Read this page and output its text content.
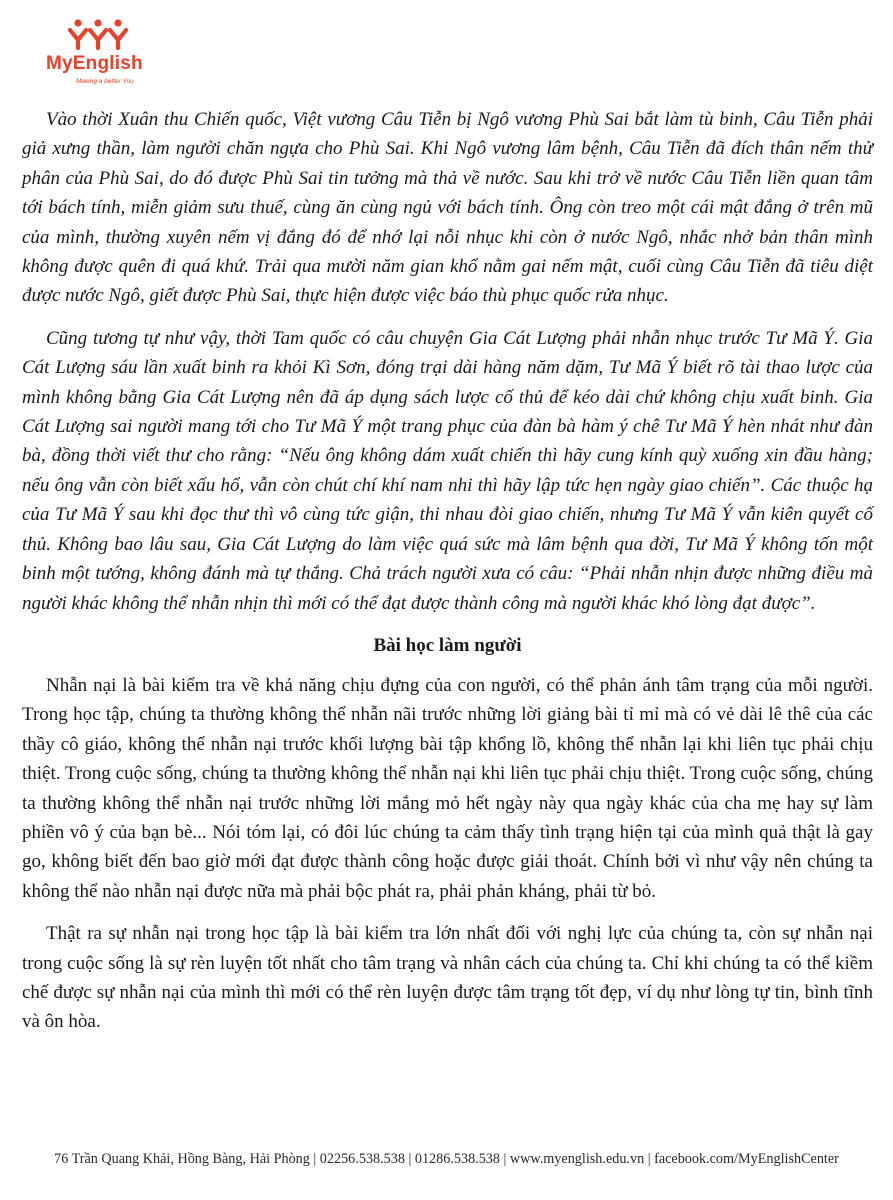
MyEnglish
Making a better You

Vào thời Xuân thu Chiến quốc, Việt vương Câu Tiễn bị Ngô vương Phù Sai bắt làm tù binh, Câu Tiễn phải giả xưng thần, làm người chăn ngựa cho Phù Sai. Khi Ngô vương lâm bệnh, Câu Tiễn đã đích thân nếm thử phân của Phù Sai, do đó được Phù Sai tin tưởng mà thả về nước. Sau khi trở về nước Câu Tiễn liền quan tâm tới bách tính, miễn giảm sưu thuế, cùng ăn cùng ngủ với bách tính. Ông còn treo một cái mật đắng ở trên mũ của mình, thường xuyên nếm vị đắng đó để nhớ lại nỗi nhục khi còn ở nước Ngô, nhắc nhở bản thân mình không được quên đi quá khứ. Trải qua mười năm gian khổ nằm gai nếm mật, cuối cùng Câu Tiễn đã tiêu diệt được nước Ngô, giết được Phù Sai, thực hiện được việc báo thù phục quốc rửa nhục.

Cũng tương tự như vậy, thời Tam quốc có câu chuyện Gia Cát Lượng phải nhẫn nhục trước Tư Mã Ý. Gia Cát Lượng sáu lần xuất binh ra khỏi Kì Sơn, đóng trại dài hàng năm dặm, Tư Mã Ý biết rõ tài thao lược của mình không bằng Gia Cát Lượng nên đã áp dụng sách lược cố thủ để kéo dài chứ không chịu xuất binh. Gia Cát Lượng sai người mang tới cho Tư Mã Ý một trang phục của đàn bà hàm ý chê Tư Mã Ý hèn nhát như đàn bà, đồng thời viết thư cho rằng: “Nếu ông không dám xuất chiến thì hãy cung kính quỳ xuống xin đầu hàng; nếu ông vẫn còn biết xấu hổ, vẫn còn chút chí khí nam nhi thì hãy lập tức hẹn ngày giao chiến”. Các thuộc hạ của Tư Mã Ý sau khi đọc thư thì vô cùng tức giận, thi nhau đòi giao chiến, nhưng Tư Mã Ý vẫn kiên quyết cố thủ. Không bao lâu sau, Gia Cát Lượng do làm việc quá sức mà lâm bệnh qua đời, Tư Mã Ý không tốn một binh một tướng, không đánh mà tự thắng. Chả trách người xưa có câu: “Phải nhẫn nhịn được những điều mà người khác không thể nhẫn nhịn thì mới có thể đạt được thành công mà người khác khó lòng đạt được”.

Bài học làm người

Nhẫn nại là bài kiểm tra về khả năng chịu đựng của con người, có thể phản ánh tâm trạng của mỗi người. Trong học tập, chúng ta thường không thể nhẫn nãi trước những lời giảng bài tỉ mỉ mà có vẻ dài lê thê của các thầy cô giáo, không thể nhẫn nại trước khối lượng bài tập khổng lồ, không thể nhẫn lại khi liên tục phải chịu thiệt. Trong cuộc sống, chúng ta thường không thể nhẫn nại khi liên tục phải chịu thiệt. Trong cuộc sống, chúng ta thường không thể nhẫn nại trước những lời mắng mỏ hết ngày này qua ngày khác của cha mẹ hay sự làm phiền vô ý của bạn bè... Nói tóm lại, có đôi lúc chúng ta cảm thấy tình trạng hiện tại của mình quả thật là gay go, không biết đến bao giờ mới đạt được thành công hoặc được giải thoát. Chính bởi vì như vậy nên chúng ta không thể nào nhẫn nại được nữa mà phải bộc phát ra, phải phản kháng, phải từ bỏ.

Thật ra sự nhẫn nại trong học tập là bài kiểm tra lớn nhất đối với nghị lực của chúng ta, còn sự nhẫn nại trong cuộc sống là sự rèn luyện tốt nhất cho tâm trạng và nhân cách của chúng ta. Chỉ khi chúng ta có thể kiềm chế được sự nhẫn nại của mình thì mới có thể rèn luyện được tâm trạng tốt đẹp, ví dụ như lòng tự tin, bình tĩnh và ôn hòa.

76 Trần Quang Khải, Hồng Bàng, Hải Phòng | 02256.538.538 | 01286.538.538 | www.myenglish.edu.vn | facebook.com/MyEnglishCenter
